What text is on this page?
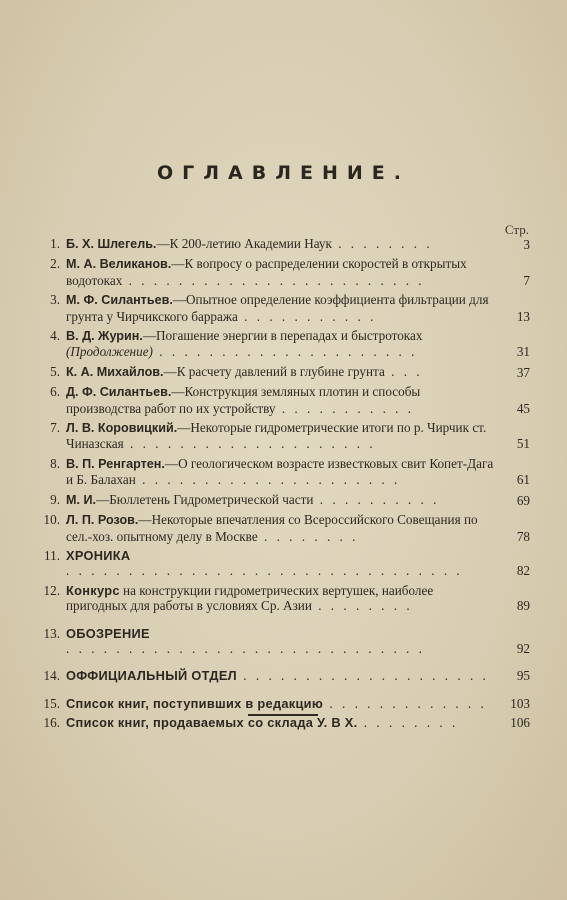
ОГЛАВЛЕНИЕ.
Стр.
1. Б. Х. Шлегель.—К 200-летию Академии Наук . . . . . . . .	3
2. М. А. Великанов.—К вопросу о распределении скоростей в открытых водотоках . . . . . . . . . . . . . . . . . . . . . . . .	7
3. М. Ф. Силантьев.—Опытное определение коэффициента фильтрации для грунта у Чирчикского барража . . . . . . . . . . .	13
4. В. Д. Журин.—Погашение энергии в перепадах и быстротоках (Продолжение) . . . . . . . . . . . . . . . . . . . . .	31
5. К. А. Михайлов.—К расчету давлений в глубине грунта . . .	37
6. Д. Ф. Силантьев.—Конструкция земляных плотин и способы производства работ по их устройству . . . . . . . . . . .	45
7. Л. В. Коровицкий.—Некоторые гидрометрические итоги по р. Чирчик ст. Чиназская . . . . . . . . . . . . . . . . . . . .	51
8. В. П. Ренгартен.—О геологическом возрасте известковых свит Копет-Дага и Б. Балахан . . . . . . . . . . . . . . . . . . . . .	61
9. М. И.—Бюллетень Гидрометрической части . . . . . . . . . .	69
10. Л. П. Розов.—Некоторые впечатления со Всероссийского Совещания по сел.-хоз. опытному делу в Москве . . . . . . . .	78
11. ХРОНИКА . . . . . . . . . . . . . . . . . . . . . . . . . . . . . . . .	82
12. Конкурс на конструкции гидрометрических вертушек, наиболее пригодных для работы в условиях Ср. Азии . . . . . . . .	89
13. ОБОЗРЕНИЕ . . . . . . . . . . . . . . . . . . . . . . . . . . . . .	92
14. ОФФИЦИАЛЬНЫЙ ОТДЕЛ . . . . . . . . . . . . . . . . . . . .	95
15. Список книг, поступивших в редакцию . . . . . . . . . . . . .	103
16. Список книг, продаваемых со склада У. В Х. . . . . . . . .	106
